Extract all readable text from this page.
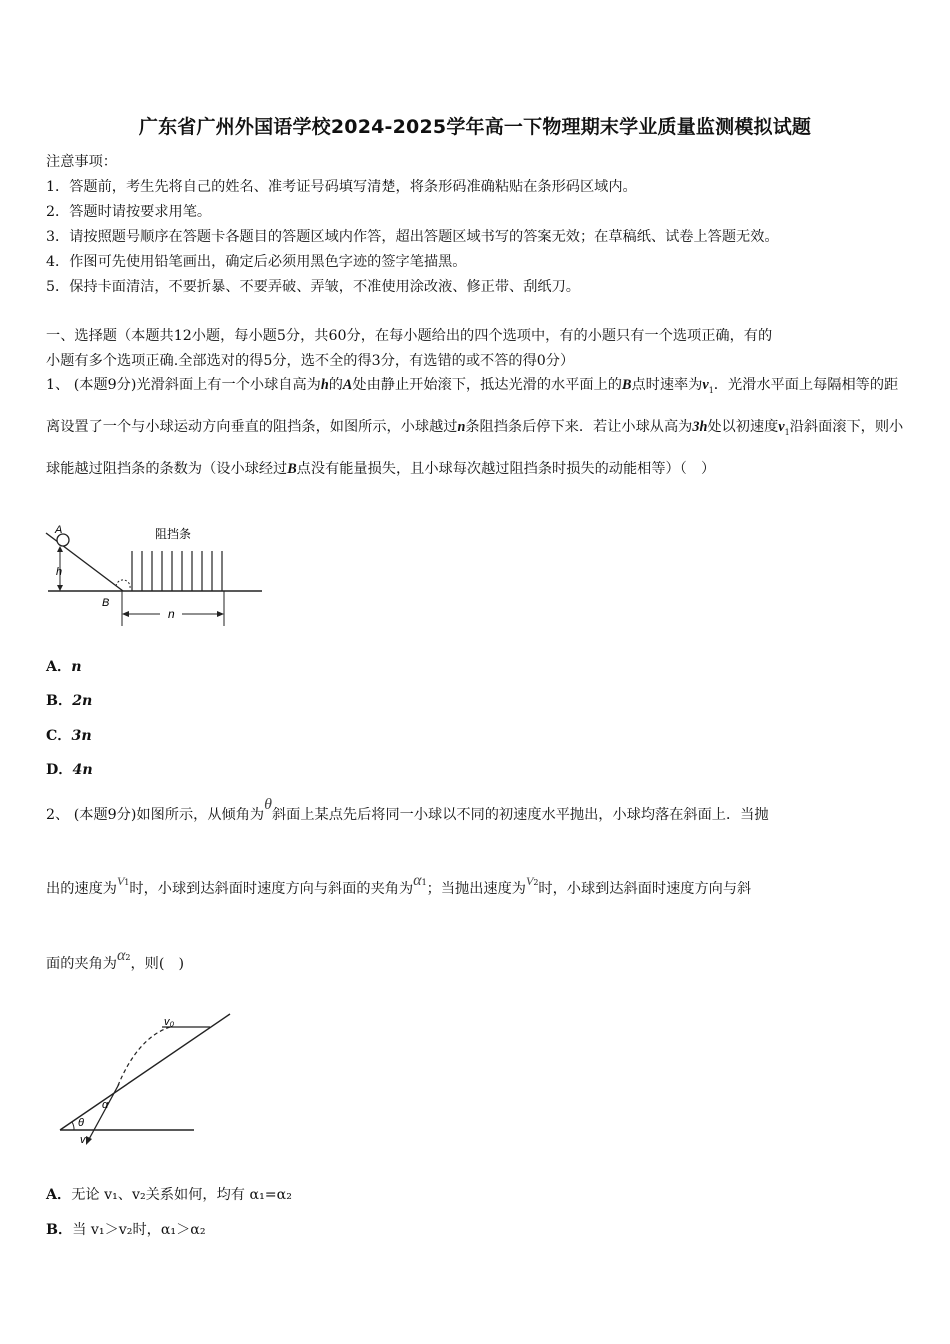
广东省广州外国语学校2024-2025学年高一下物理期末学业质量监测模拟试题
注意事项：
1．答题前，考生先将自己的姓名、准考证号码填写清楚，将条形码准确粘贴在条形码区域内。
2．答题时请按要求用笔。
3．请按照题号顺序在答题卡各题目的答题区域内作答，超出答题区域书写的答案无效；在草稿纸、试卷上答题无效。
4．作图可先使用铅笔画出，确定后必须用黑色字迹的签字笔描黑。
5．保持卡面清洁，不要折暴、不要弄破、弄皱，不准使用涂改液、修正带、刮纸刀。
一、选择题（本题共12小题，每小题5分，共60分，在每小题给出的四个选项中，有的小题只有一个选项正确，有的
小题有多个选项正确.全部选对的得5分，选不全的得3分，有选错的或不答的得0分）
1、 (本题9分)光滑斜面上有一个小球自高为h的A处由静止开始滚下，抵达光滑的水平面上的B点时速率为$v_1$．光滑水平面上每隔相等的距离设置了一个与小球运动方向垂直的阻挡条，如图所示，小球越过n条阻挡条后停下来．若让小球从高为3h处以初速度$v_1$沿斜面滚下，则小球能越过阻挡条的条数为（设小球经过B点没有能量损失，且小球每次越过阻挡条时损失的动能相等）（　）
h
A
B
阻挡条
n
A．n
B．2n
C．3n
D．4n
2、 (本题9分)如图所示，从倾角为θ斜面上某点先后将同一小球以不同的初速度水平抛出，小球均落在斜面上．当抛
出的速度为$^{V1}$时，小球到达斜面时速度方向与斜面的夹角为$\alpha^1$；当抛出速度为$^{V2}$时，小球到达斜面时速度方向与斜
面的夹角为$\alpha^2$，则(　)
v₀
v
α
θ
A．无论 v₁、v₂关系如何，均有 α₁=α₂
B．当 v₁＞v₂时，α₁＞α₂
